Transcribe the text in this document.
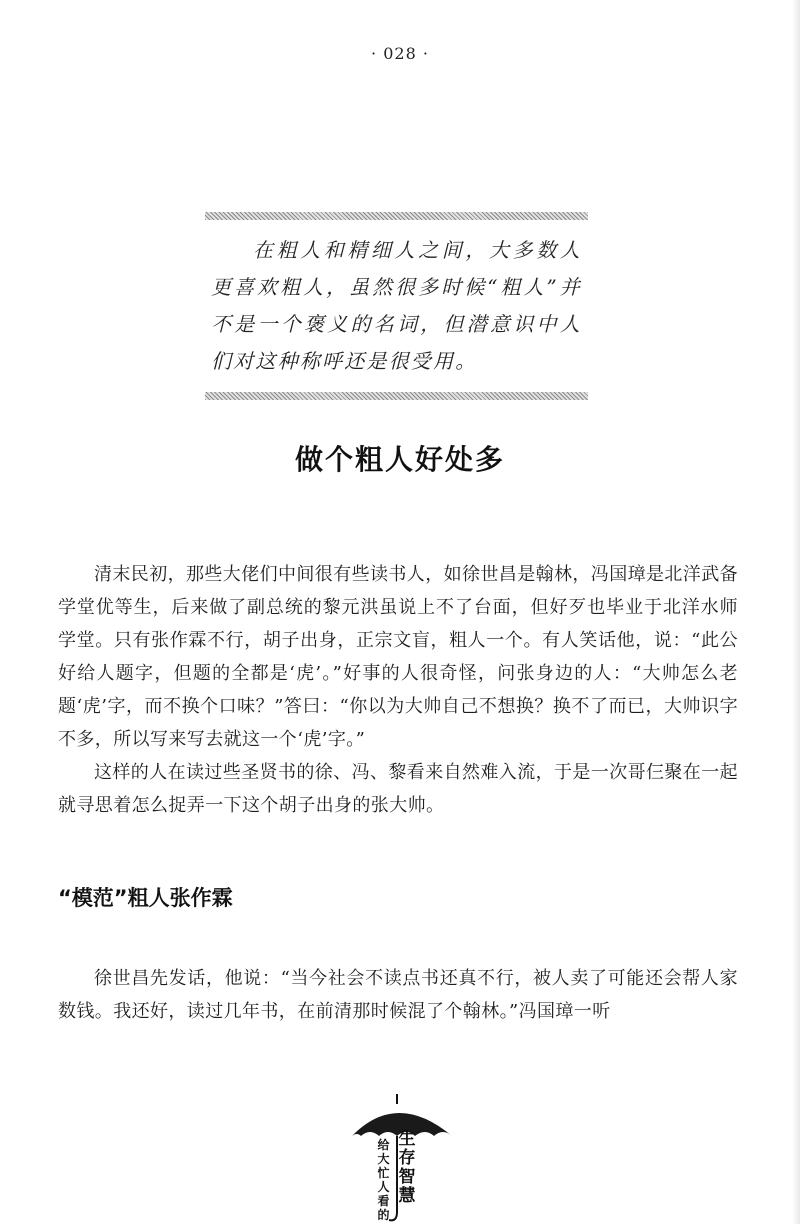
· 028 ·

在粗人和精细人之间，大多数人更喜欢粗人，虽然很多时候“粗人”并不是一个褒义的名词，但潜意识中人们对这种称呼还是很受用。

做个粗人好处多

清末民初，那些大佬们中间很有些读书人，如徐世昌是翰林，冯国璋是北洋武备学堂优等生，后来做了副总统的黎元洪虽说上不了台面，但好歹也毕业于北洋水师学堂。只有张作霖不行，胡子出身，正宗文盲，粗人一个。有人笑话他，说：“此公好给人题字，但题的全都是‘虎’。”好事的人很奇怪，问张身边的人：“大帅怎么老题‘虎’字，而不换个口味？”答曰：“你以为大帅自己不想换？换不了而已，大帅识字不多，所以写来写去就这一个‘虎’字。”

这样的人在读过些圣贤书的徐、冯、黎看来自然难入流，于是一次哥仨聚在一起就寻思着怎么捉弄一下这个胡子出身的张大帅。

“模范”粗人张作霖

徐世昌先发话，他说：“当今社会不读点书还真不行，被人卖了可能还会帮人家数钱。我还好，读过几年书，在前清那时候混了个翰林。”冯国璋一听

给大忙人看的
生存智慧
